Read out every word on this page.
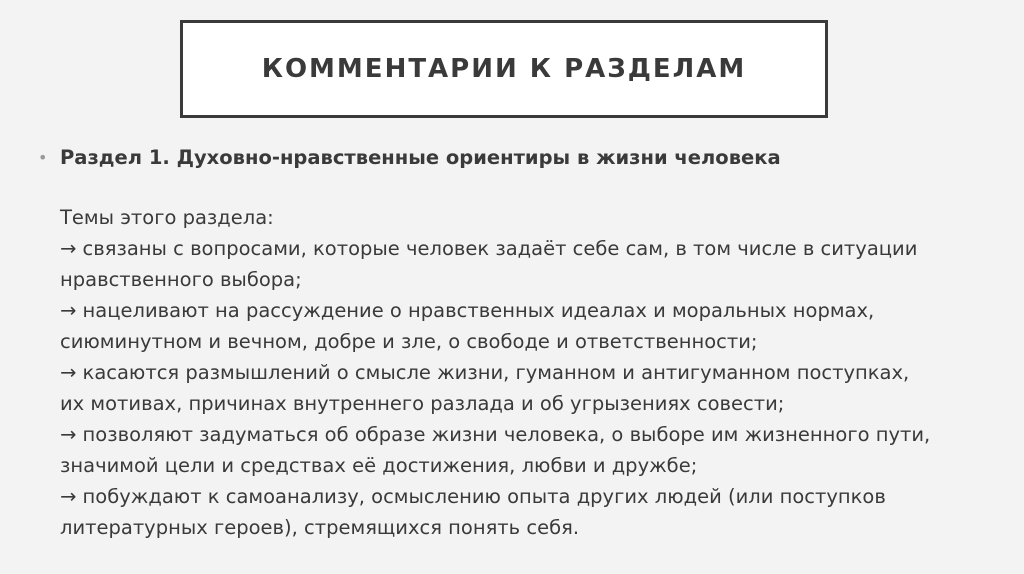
КОММЕНТАРИИ К РАЗДЕЛАМ
• Раздел 1. Духовно-нравственные ориентиры в жизни человека
Темы этого раздела:
→ связаны с вопросами, которые человек задаёт себе сам, в том числе в ситуации
нравственного выбора;
→ нацеливают на рассуждение о нравственных идеалах и моральных нормах,
сиюминутном и вечном, добре и зле, о свободе и ответственности;
→ касаются размышлений о смысле жизни, гуманном и антигуманном поступках,
их мотивах, причинах внутреннего разлада и об угрызениях совести;
→ позволяют задуматься об образе жизни человека, о выборе им жизненного пути,
значимой цели и средствах её достижения, любви и дружбе;
→ побуждают к самоанализу, осмыслению опыта других людей (или поступков
литературных героев), стремящихся понять себя.
